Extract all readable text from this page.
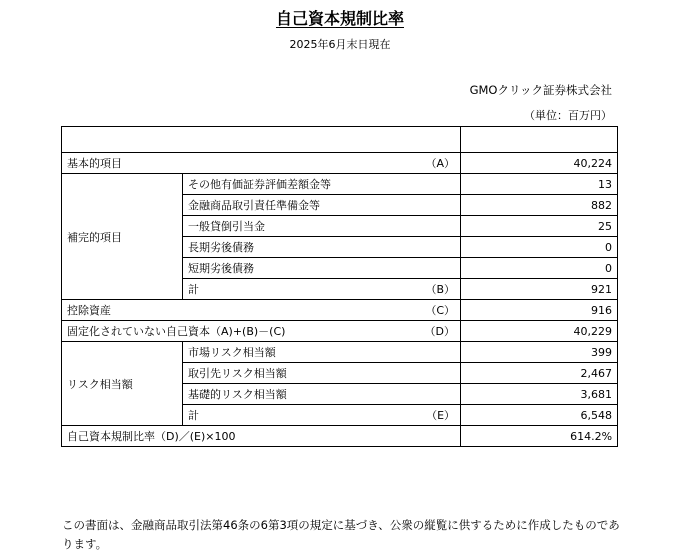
自己資本規制比率
2025年6月末日現在
GMOクリック証券株式会社
（単位：百万円）

基本的項目		（A）	40,224
補完的項目	その他有価証券評価差額金等		13
	金融商品取引責任準備金等		882
	一般貸倒引当金		25
	長期劣後債務		0
	短期劣後債務		0
	計	（B）	921
控除資産		（C）	916
固定化されていない自己資本（A)+(B)－(C)		（D）	40,229
リスク相当額	市場リスク相当額		399
	取引先リスク相当額		2,467
	基礎的リスク相当額		3,681
	計	（E）	6,548
自己資本規制比率（D)／(E)×100			614.2%
この書面は、金融商品取引法第46条の6第3項の規定に基づき、公衆の縦覧に供するために作成したものであります。
